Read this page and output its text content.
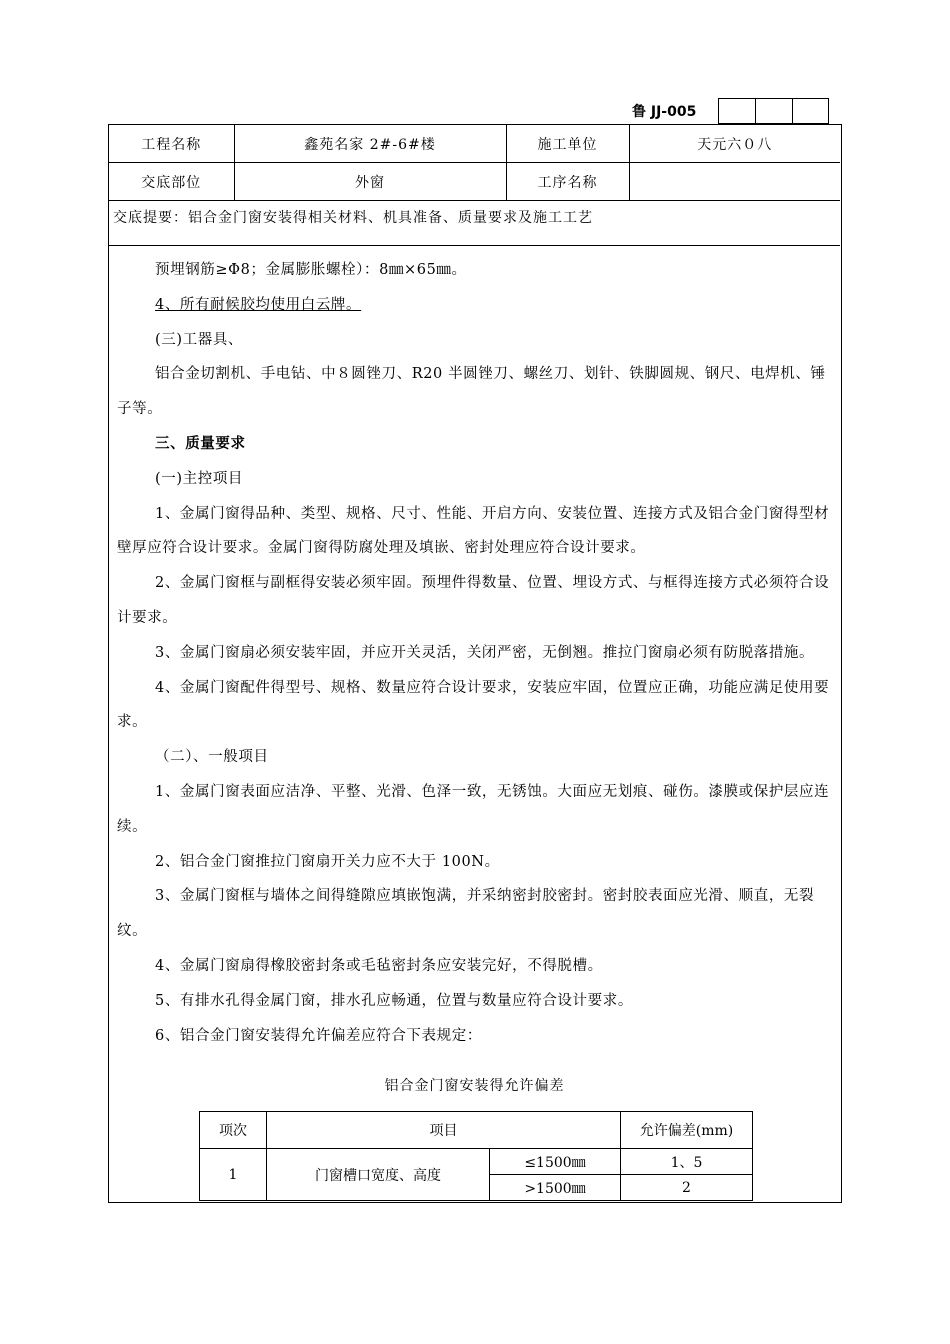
鲁 JJ-005
工程名称	鑫苑名家 2#-6#楼	施工单位	天元六０八
交底部位	外窗	工序名称	
交底提要：铝合金门窗安装得相关材料、机具准备、质量要求及施工工艺

预埋钢筋≥Φ8；金属膨胀螺栓）：8㎜×65㎜。

4、所有耐候胶均使用白云牌。

(三)工器具、

铝合金切割机、手电钻、中８圆锉刀、R20 半圆锉刀、螺丝刀、划针、铁脚圆规、钢尺、电焊机、锤子等。

三、质量要求

(一)主控项目

1、金属门窗得品种、类型、规格、尺寸、性能、开启方向、安装位置、连接方式及铝合金门窗得型材壁厚应符合设计要求。金属门窗得防腐处理及填嵌、密封处理应符合设计要求。

2、金属门窗框与副框得安装必须牢固。预埋件得数量、位置、埋设方式、与框得连接方式必须符合设计要求。

3、金属门窗扇必须安装牢固，并应开关灵活，关闭严密，无倒翘。推拉门窗扇必须有防脱落措施。

4、金属门窗配件得型号、规格、数量应符合设计要求，安装应牢固，位置应正确，功能应满足使用要求。

（二）、一般项目

1、金属门窗表面应洁净、平整、光滑、色泽一致，无锈蚀。大面应无划痕、碰伤。漆膜或保护层应连续。

2、铝合金门窗推拉门窗扇开关力应不大于 100N。

3、金属门窗框与墙体之间得缝隙应填嵌饱满，并采纳密封胶密封。密封胶表面应光滑、顺直，无裂纹。

4、金属门窗扇得橡胶密封条或毛毡密封条应安装完好，不得脱槽。

5、有排水孔得金属门窗，排水孔应畅通，位置与数量应符合设计要求。

6、铝合金门窗安装得允许偏差应符合下表规定：

铝合金门窗安装得允许偏差
项次	项目		允许偏差(mm)
1	门窗槽口宽度、高度	≤1500㎜	1、5
		>1500㎜	2
